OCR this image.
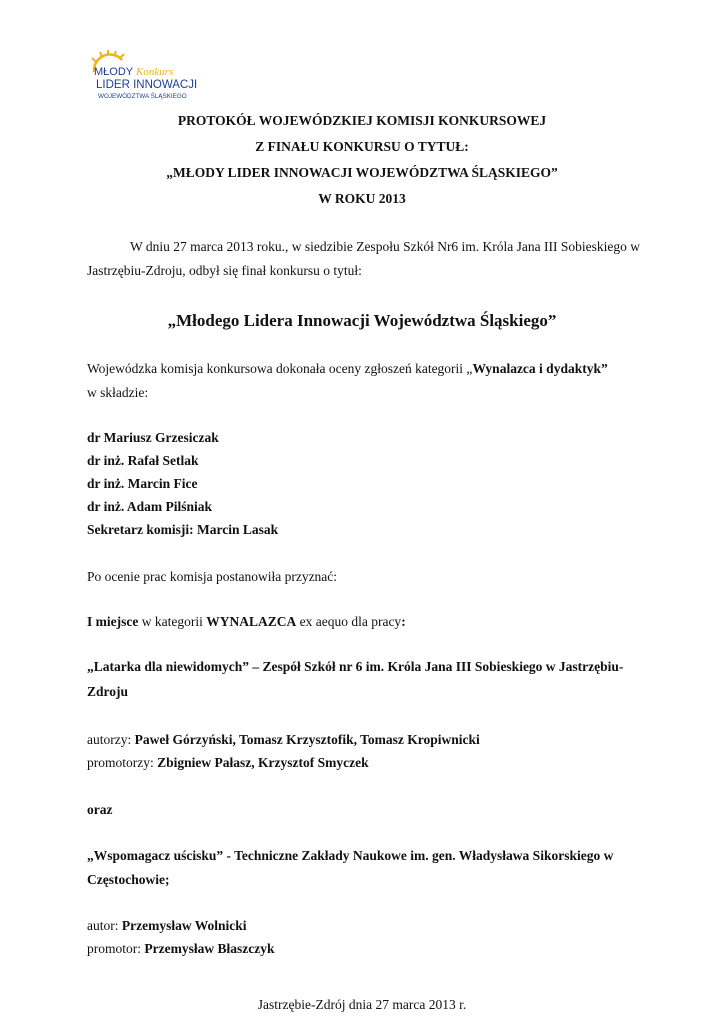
MŁODY Konkurs
LIDER INNOWACJI
WOJEWÓDZTWA ŚLĄSKIEGO
PROTOKÓŁ WOJEWÓDZKIEJ KOMISJI KONKURSOWEJ
Z FINAŁU KONKURSU O TYTUŁ:
„MŁODY LIDER INNOWACJI WOJEWÓDZTWA ŚLĄSKIEGO”
W ROKU 2013
W dniu 27 marca 2013 roku., w siedzibie Zespołu Szkół Nr6 im. Króla Jana III Sobieskiego w
Jastrzębiu-Zdroju, odbył się finał konkursu o tytuł:
„Młodego Lidera Innowacji Województwa Śląskiego”
Wojewódzka komisja konkursowa dokonała oceny zgłoszeń kategorii „Wynalazca i dydaktyk”
w składzie:
dr Mariusz Grzesiczak
dr inż. Rafał Setlak
dr inż. Marcin Fice
dr inż. Adam Pilśniak
Sekretarz komisji: Marcin Lasak
Po ocenie prac komisja postanowiła przyznać:
I miejsce w kategorii WYNALAZCA ex aequo dla pracy:
„Latarka dla niewidomych” – Zespół Szkół nr 6 im. Króla Jana III Sobieskiego w Jastrzębiu-
Zdroju
autorzy: Paweł Górzyński, Tomasz Krzysztofik, Tomasz Kropiwnicki
promotorzy: Zbigniew Pałasz, Krzysztof Smyczek
oraz
„Wspomagacz uścisku” - Techniczne Zakłady Naukowe im. gen. Władysława Sikorskiego w
Częstochowie;
autor: Przemysław Wolnicki
promotor: Przemysław Błaszczyk
Jastrzębie-Zdrój dnia 27 marca 2013 r.
